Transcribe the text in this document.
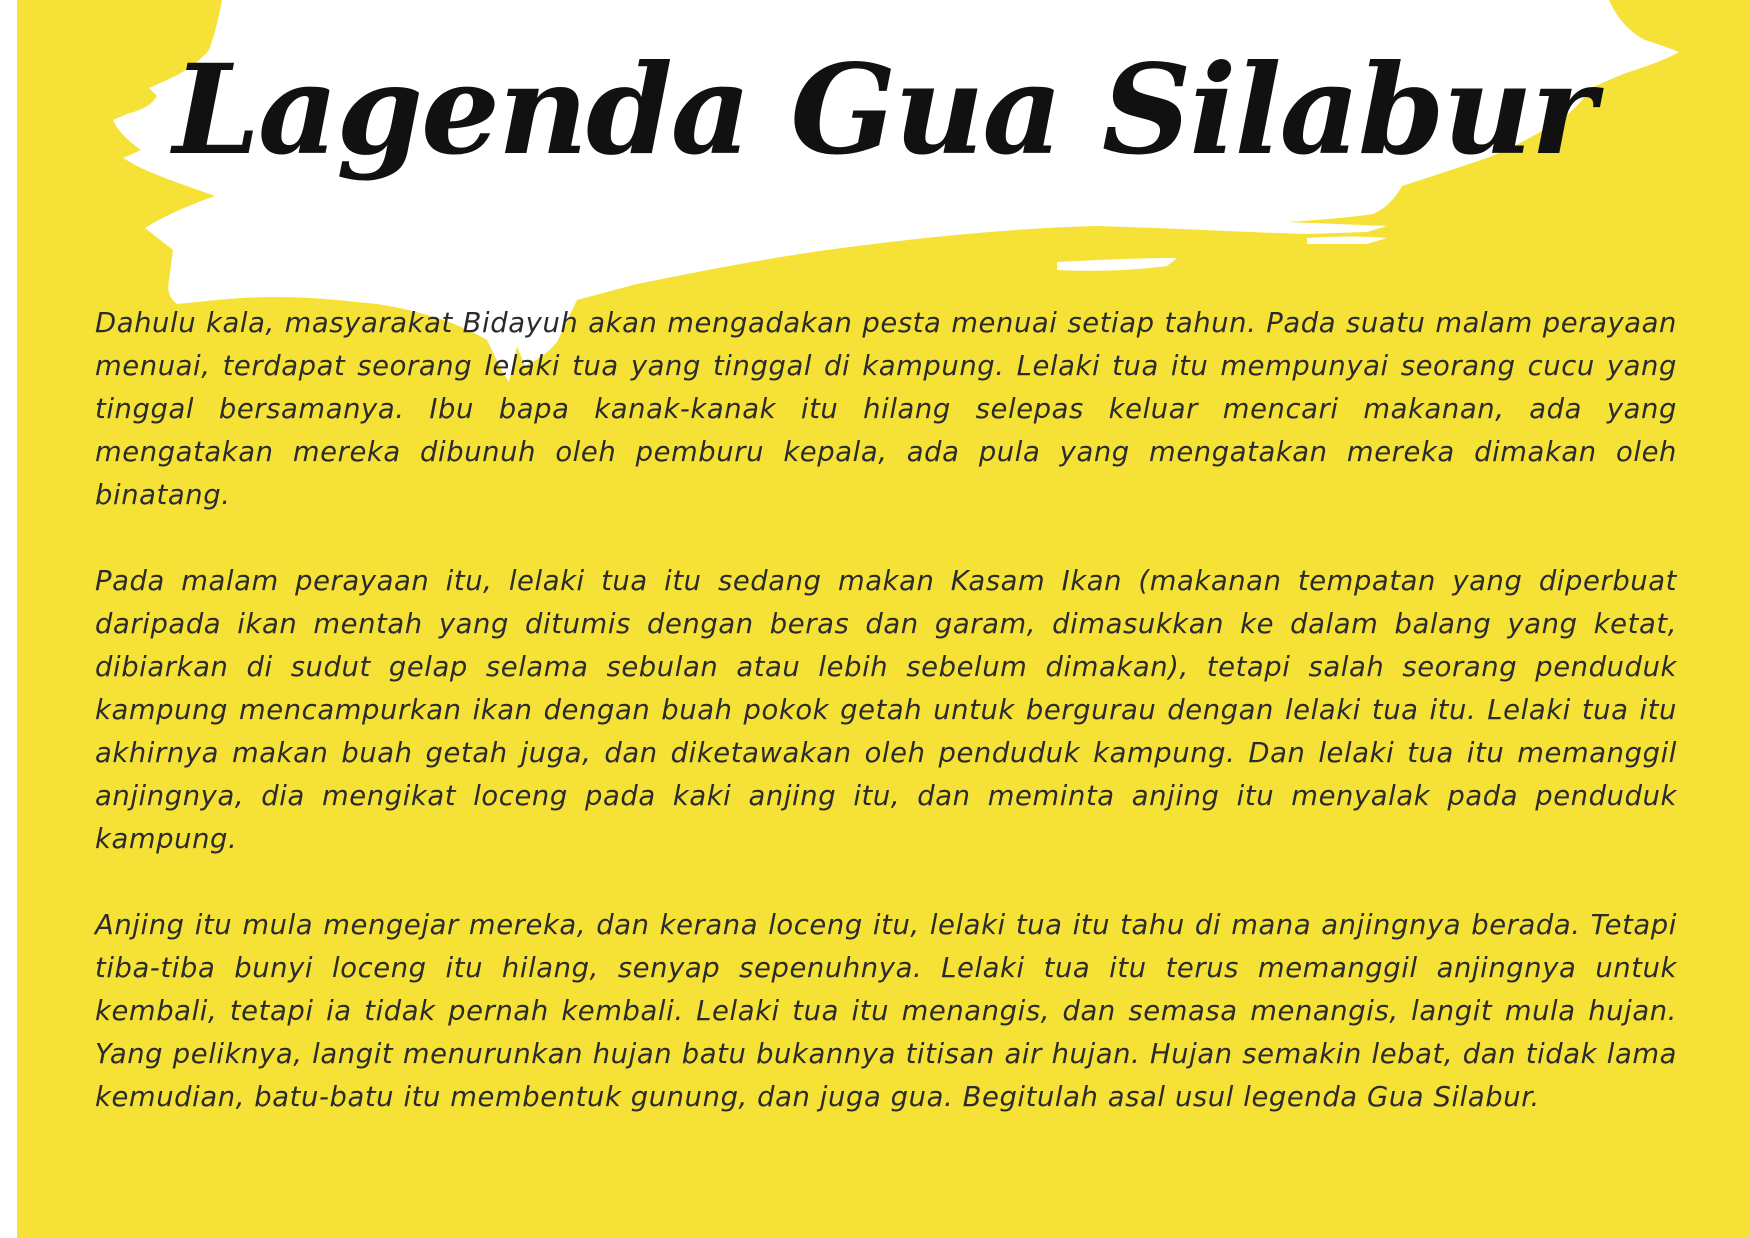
Lagenda Gua Silabur

Dahulu kala, masyarakat Bidayuh akan mengadakan pesta menuai setiap tahun. Pada suatu malam perayaan menuai, terdapat seorang lelaki tua yang tinggal di kampung. Lelaki tua itu mempunyai seorang cucu yang tinggal bersamanya. Ibu bapa kanak-kanak itu hilang selepas keluar mencari makanan, ada yang mengatakan mereka dibunuh oleh pemburu kepala, ada pula yang mengatakan mereka dimakan oleh binatang.

Pada malam perayaan itu, lelaki tua itu sedang makan Kasam Ikan (makanan tempatan yang diperbuat daripada ikan mentah yang ditumis dengan beras dan garam, dimasukkan ke dalam balang yang ketat, dibiarkan di sudut gelap selama sebulan atau lebih sebelum dimakan), tetapi salah seorang penduduk kampung mencampurkan ikan dengan buah pokok getah untuk bergurau dengan lelaki tua itu. Lelaki tua itu akhirnya makan buah getah juga, dan diketawakan oleh penduduk kampung. Dan lelaki tua itu memanggil anjingnya, dia mengikat loceng pada kaki anjing itu, dan meminta anjing itu menyalak pada penduduk kampung.

Anjing itu mula mengejar mereka, dan kerana loceng itu, lelaki tua itu tahu di mana anjingnya berada. Tetapi tiba-tiba bunyi loceng itu hilang, senyap sepenuhnya. Lelaki tua itu terus memanggil anjingnya untuk kembali, tetapi ia tidak pernah kembali. Lelaki tua itu menangis, dan semasa menangis, langit mula hujan. Yang peliknya, langit menurunkan hujan batu bukannya titisan air hujan. Hujan semakin lebat, dan tidak lama kemudian, batu-batu itu membentuk gunung, dan juga gua. Begitulah asal usul legenda Gua Silabur.
